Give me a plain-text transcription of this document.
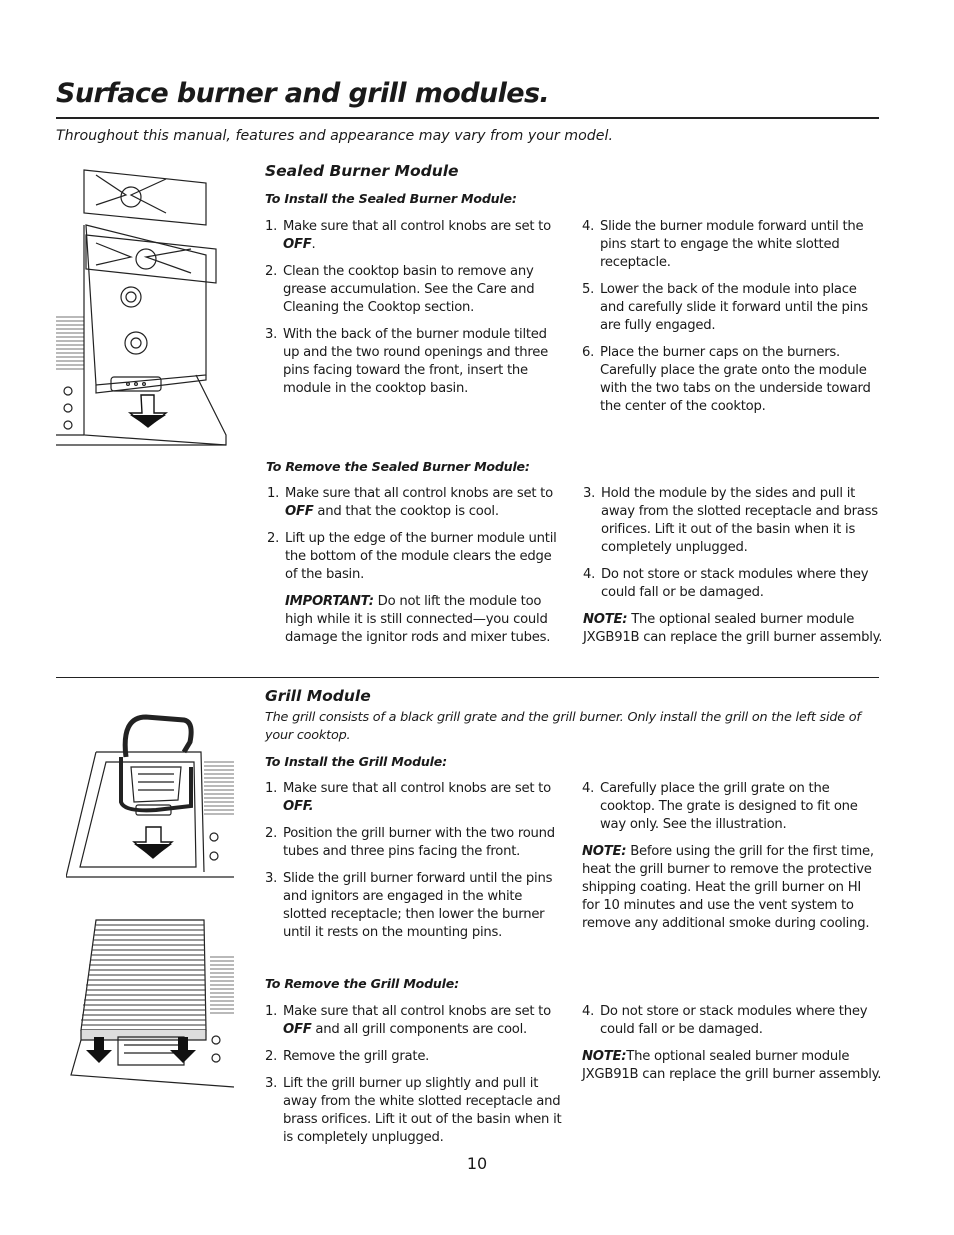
Surface burner and grill modules.
Throughout this manual, features and appearance may vary from your model.
Sealed Burner Module
To Install the Sealed Burner Module:
1. Make sure that all control knobs are set to OFF.
2. Clean the cooktop basin to remove any grease accumulation. See the Care and Cleaning the Cooktop section.
3. With the back of the burner module tilted up and the two round openings and three pins facing toward the front, insert the module in the cooktop basin.
4. Slide the burner module forward until the pins start to engage the white slotted receptacle.
5. Lower the back of the module into place and carefully slide it forward until the pins are fully engaged.
6. Place the burner caps on the burners. Carefully place the grate onto the module with the two tabs on the underside toward the center of the cooktop.
To Remove the Sealed Burner Module:
1. Make sure that all control knobs are set to OFF and that the cooktop is cool.
2. Lift up the edge of the burner module until the bottom of the module clears the edge of the basin.

IMPORTANT: Do not lift the module too high while it is still connected—you could damage the ignitor rods and mixer tubes.

3. Hold the module by the sides and pull it away from the slotted receptacle and brass orifices. Lift it out of the basin when it is completely unplugged.
4. Do not store or stack modules where they could fall or be damaged.

NOTE: The optional sealed burner module JXGB91B can replace the grill burner assembly.

Grill Module
The grill consists of a black grill grate and the grill burner. Only install the grill on the left side of your cooktop.
To Install the Grill Module:
1. Make sure that all control knobs are set to OFF.
2. Position the grill burner with the two round tubes and three pins facing the front.
3. Slide the grill burner forward until the pins and ignitors are engaged in the white slotted receptacle; then lower the burner until it rests on the mounting pins.
4. Carefully place the grill grate on the cooktop. The grate is designed to fit one way only. See the illustration.

NOTE: Before using the grill for the first time, heat the grill burner to remove the protective shipping coating. Heat the grill burner on HI for 10 minutes and use the vent system to remove any additional smoke during cooling.

To Remove the Grill Module:
1. Make sure that all control knobs are set to OFF and all grill components are cool.
2. Remove the grill grate.
3. Lift the grill burner up slightly and pull it away from the white slotted receptacle and brass orifices. Lift it out of the basin when it is completely unplugged.
4. Do not store or stack modules where they could fall or be damaged.

NOTE:The optional sealed burner module JXGB91B can replace the grill burner assembly.

10
